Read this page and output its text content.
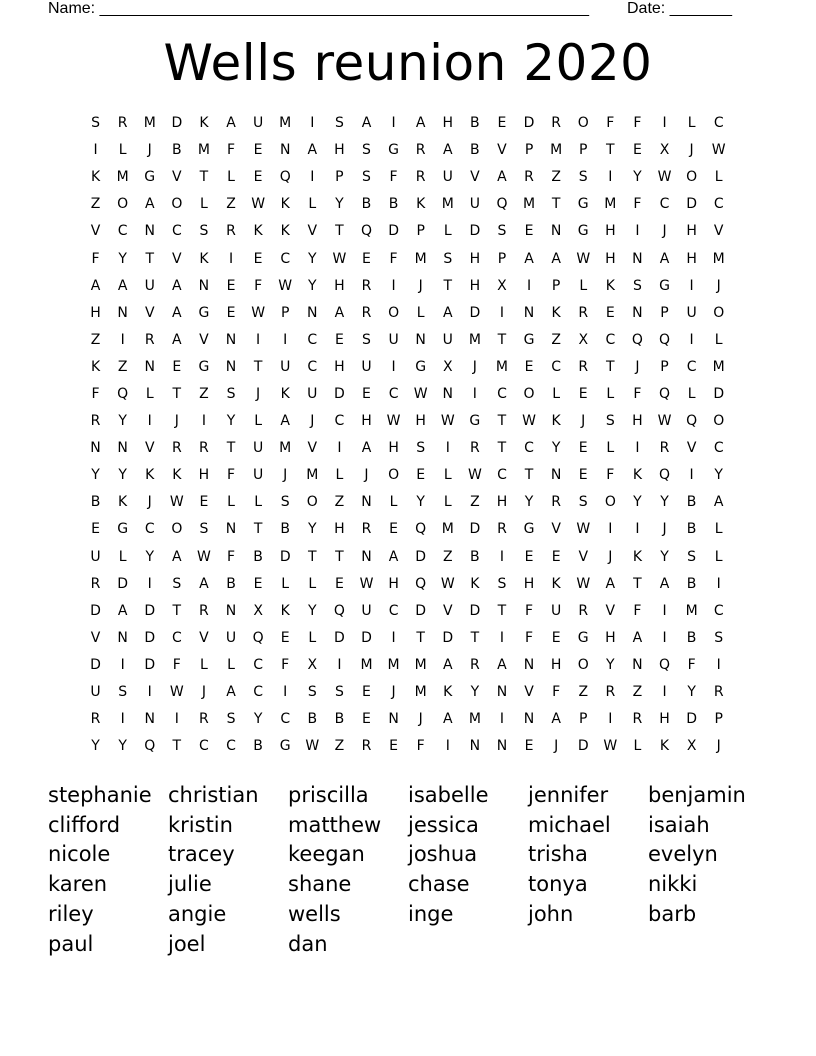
Name: _______________________________________________________ Date: _______
Wells reunion 2020
S	R	M	D	K	A	U	M	I	S	A	I	A	H	B	E	D	R	O	F	F	I	L	C
I	L	J	B	M	F	E	N	A	H	S	G	R	A	B	V	P	M	P	T	E	X	J	W
K	M	G	V	T	L	E	Q	I	P	S	F	R	U	V	A	R	Z	S	I	Y	W	O	L
Z	O	A	O	L	Z	W	K	L	Y	B	B	K	M	U	Q	M	T	G	M	F	C	D	C
V	C	N	C	S	R	K	K	V	T	Q	D	P	L	D	S	E	N	G	H	I	J	H	V
F	Y	T	V	K	I	E	C	Y	W	E	F	M	S	H	P	A	A	W	H	N	A	H	M
A	A	U	A	N	E	F	W	Y	H	R	I	J	T	H	X	I	P	L	K	S	G	I	J
H	N	V	A	G	E	W	P	N	A	R	O	L	A	D	I	N	K	R	E	N	P	U	O
Z	I	R	A	V	N	I	I	C	E	S	U	N	U	M	T	G	Z	X	C	Q	Q	I	L
K	Z	N	E	G	N	T	U	C	H	U	I	G	X	J	M	E	C	R	T	J	P	C	M
F	Q	L	T	Z	S	J	K	U	D	E	C	W	N	I	C	O	L	E	L	F	Q	L	D
R	Y	I	J	I	Y	L	A	J	C	H	W	H	W	G	T	W	K	J	S	H	W	Q	O
N	N	V	R	R	T	U	M	V	I	A	H	S	I	R	T	C	Y	E	L	I	R	V	C
Y	Y	K	K	H	F	U	J	M	L	J	O	E	L	W	C	T	N	E	F	K	Q	I	Y
B	K	J	W	E	L	L	S	O	Z	N	L	Y	L	Z	H	Y	R	S	O	Y	Y	B	A
E	G	C	O	S	N	T	B	Y	H	R	E	Q	M	D	R	G	V	W	I	I	J	B	L
U	L	Y	A	W	F	B	D	T	T	N	A	D	Z	B	I	E	E	V	J	K	Y	S	L
R	D	I	S	A	B	E	L	L	E	W	H	Q	W	K	S	H	K	W	A	T	A	B	I
D	A	D	T	R	N	X	K	Y	Q	U	C	D	V	D	T	F	U	R	V	F	I	M	C
V	N	D	C	V	U	Q	E	L	D	D	I	T	D	T	I	F	E	G	H	A	I	B	S
D	I	D	F	L	L	C	F	X	I	M	M	M	A	R	A	N	H	O	Y	N	Q	F	I
U	S	I	W	J	A	C	I	S	S	E	J	M	K	Y	N	V	F	Z	R	Z	I	Y	R
R	I	N	I	R	S	Y	C	B	B	E	N	J	A	M	I	N	A	P	I	R	H	D	P
Y	Y	Q	T	C	C	B	G	W	Z	R	E	F	I	N	N	E	J	D	W	L	K	X	J
stephanie christian	priscilla	isabelle	jennifer	benjamin
clifford	kristin	matthew	jessica	michael	isaiah
nicole	tracey	keegan	joshua	trisha	evelyn
karen	julie	shane	chase	tonya	nikki
riley	angie	wells	inge	john	barb
paul	joel	dan
